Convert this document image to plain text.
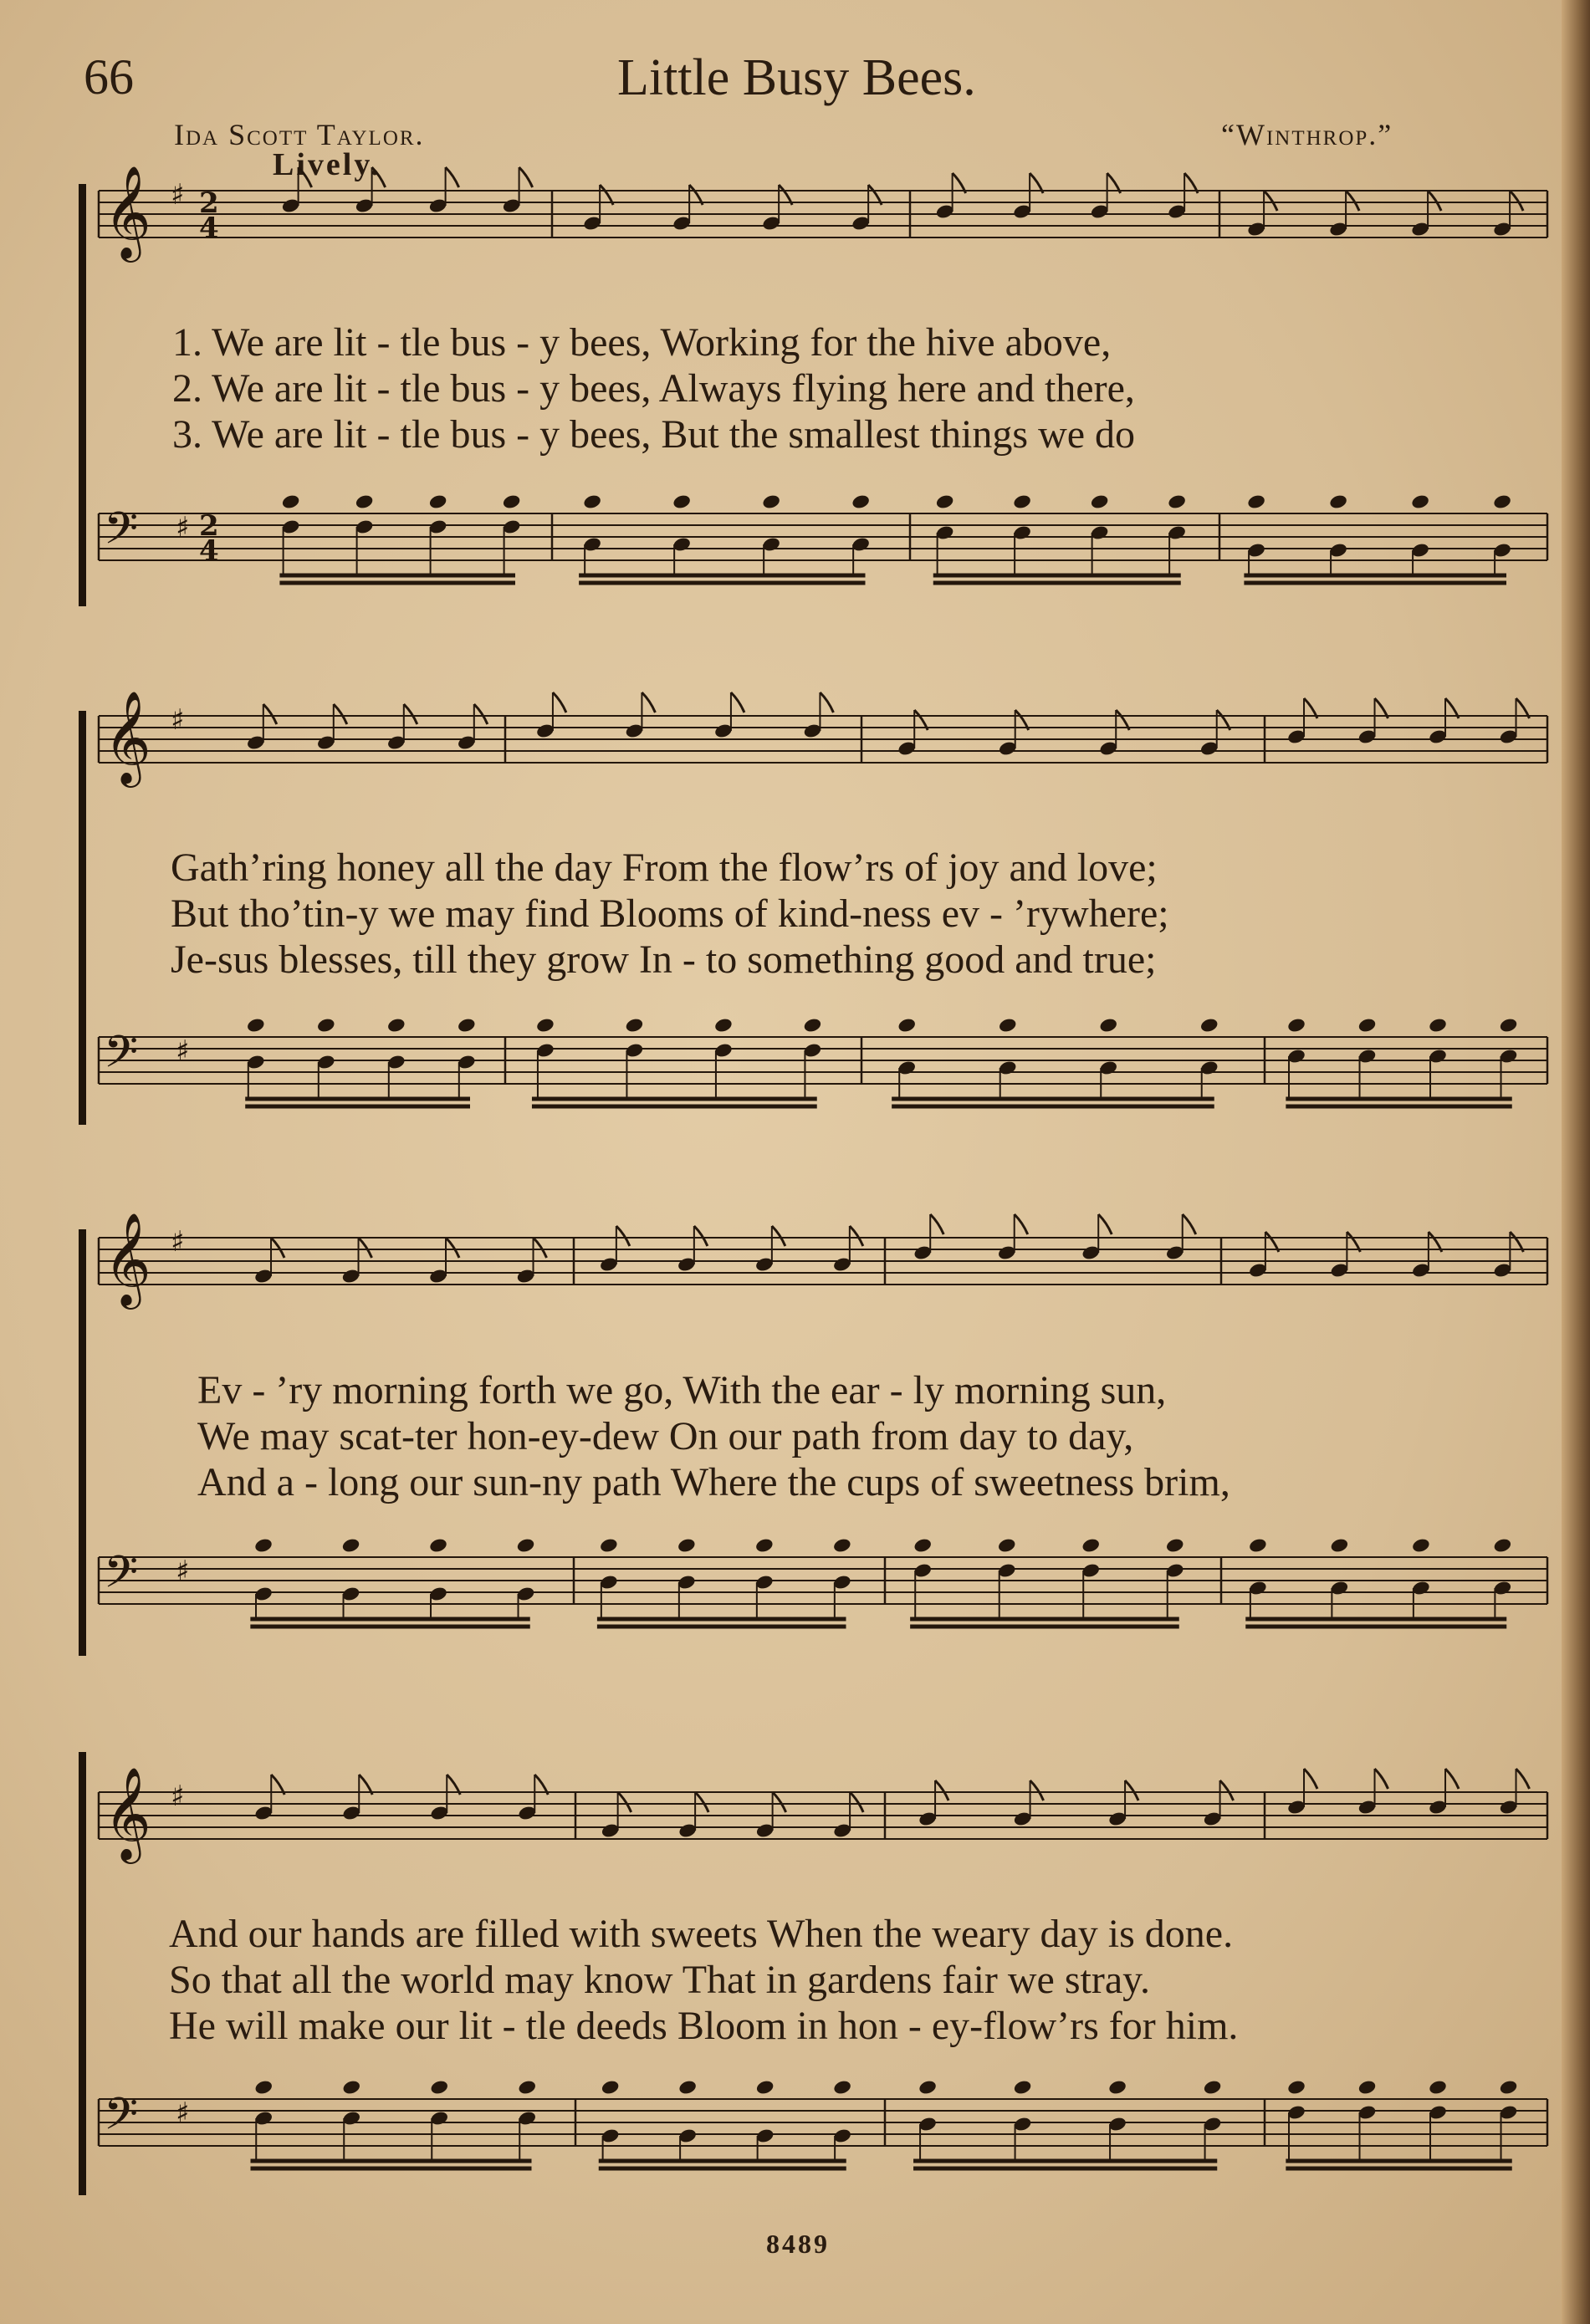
66	Little Busy Bees.
Ida Scott Taylor.	“Winthrop.”
Lively.
𝄞 ♯ 2
4
𝄢 ♯ 2
4
𝄞 ♯
𝄢 ♯
𝄞 ♯
𝄢 ♯
𝄞 ♯
𝄢 ♯
1. We are lit - tle bus - y bees, Working for the hive above,
2. We are lit - tle bus - y bees, Always flying here and there,
3. We are lit - tle bus - y bees, But the smallest things we do
Gath’ring honey all the day From the flow’rs of joy and love;
But tho’tin-y we may find Blooms of kind-ness ev - ’rywhere;
Je-sus blesses, till they grow In - to something good and true;
Ev - ’ry morning forth we go, With the ear - ly morning sun,
We may scat-ter hon-ey-dew On our path from day to day,
And a - long our sun-ny path Where the cups of sweetness brim,
And our hands are filled with sweets When the weary day is done.
So that all the world may know That in gardens fair we stray.
He will make our lit - tle deeds Bloom in hon - ey-flow’rs for him.
8489
